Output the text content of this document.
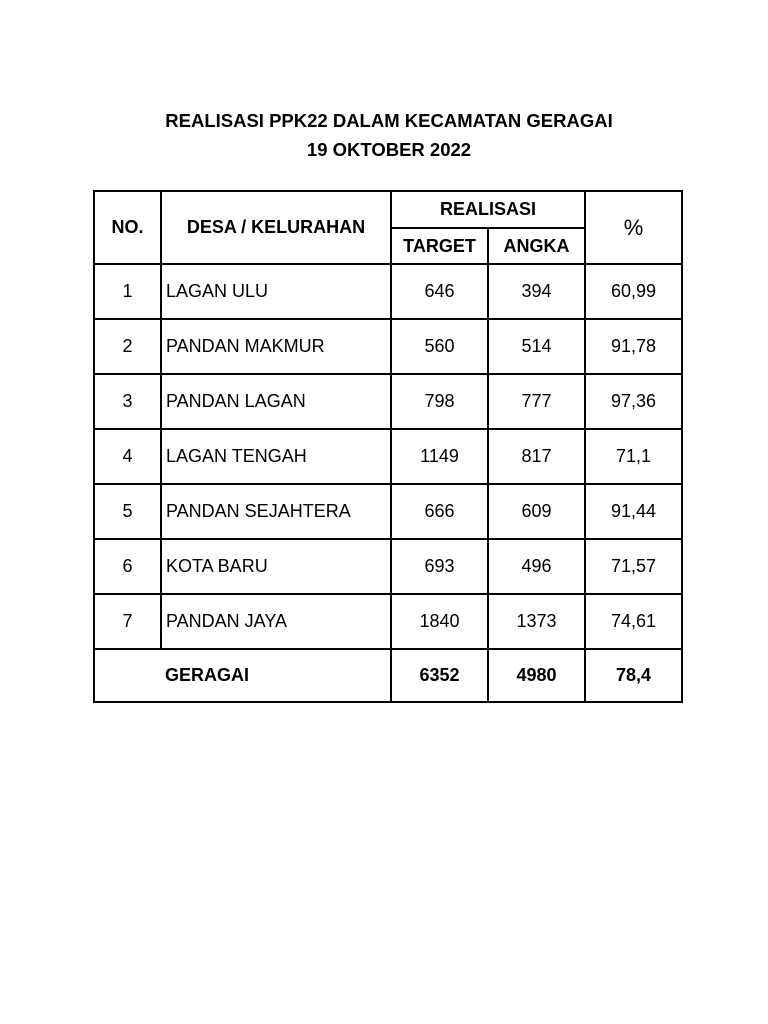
REALISASI PPK22 DALAM KECAMATAN GERAGAI
19 OKTOBER 2022
NO.	DESA / KELURAHAN	REALISASI		%
		TARGET	ANGKA	
1	LAGAN ULU	646	394	60,99
2	PANDAN MAKMUR	560	514	91,78
3	PANDAN LAGAN	798	777	97,36
4	LAGAN TENGAH	1149	817	71,1
5	PANDAN SEJAHTERA	666	609	91,44
6	KOTA BARU	693	496	71,57
7	PANDAN JAYA	1840	1373	74,61
	GERAGAI	6352	4980	78,4
